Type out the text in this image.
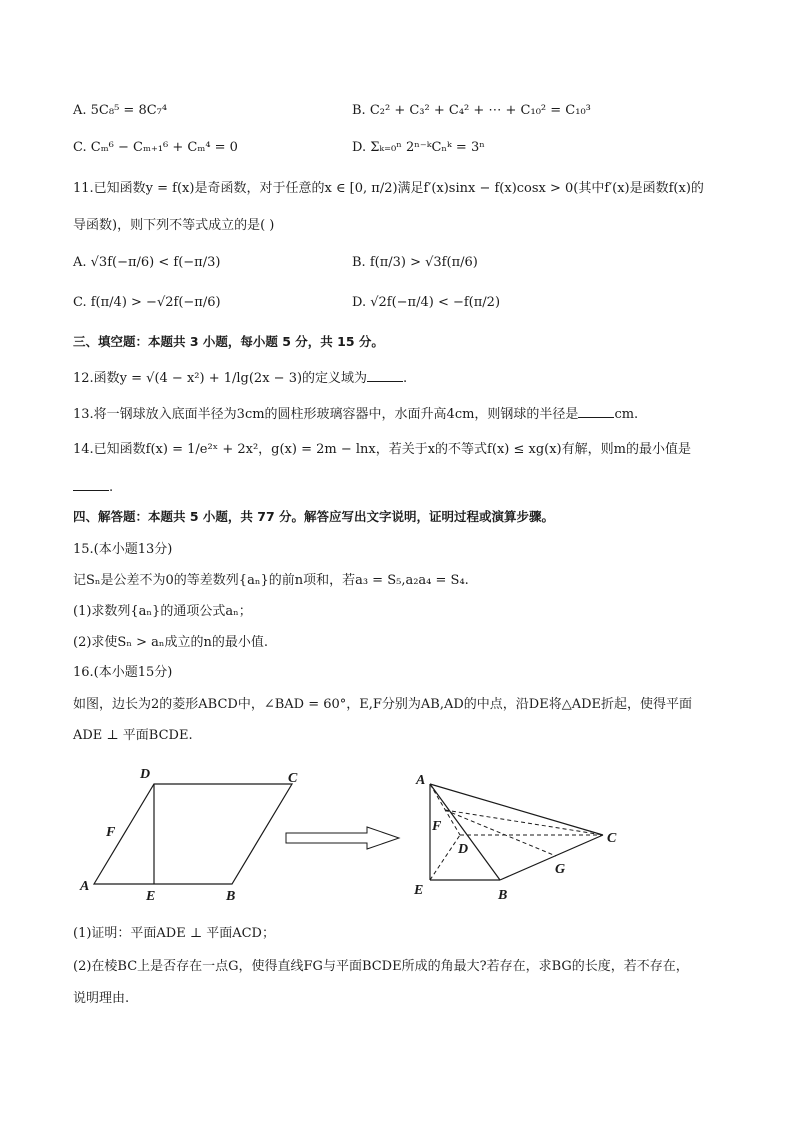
A. 5C₈⁵ = 8C₇⁴	B. C₂² + C₃² + C₄² + ⋯ + C₁₀² = C₁₀³
C. Cₘ⁶ − Cₘ₊₁⁶ + Cₘ⁴ = 0	D. Σₖ₌₀ⁿ 2ⁿ⁻ᵏCₙᵏ = 3ⁿ
11.已知函数y = f(x)是奇函数，对于任意的x ∈ [0, π/2)满足f′(x)sinx − f(x)cosx > 0(其中f′(x)是函数f(x)的
导函数)，则下列不等式成立的是( )
A. √3f(−π/6) < f(−π/3)	B. f(π/3) > √3f(π/6)
C. f(π/4) > −√2f(−π/6)	D. √2f(−π/4) < −f(π/2)
三、填空题：本题共 3 小题，每小题 5 分，共 15 分。
12.函数y = √(4 − x²) + 1/lg(2x − 3)的定义域为	.
13.将一钢球放入底面半径为3cm的圆柱形玻璃容器中，水面升高4cm，则钢球的半径是	cm.
14.已知函数f(x) = 1/e²ˣ + 2x²，g(x) = 2m − lnx，若关于x的不等式f(x) ≤ xg(x)有解，则m的最小值是
.
四、解答题：本题共 5 小题，共 77 分。解答应写出文字说明，证明过程或演算步骤。
15.(本小题13分)
记Sₙ是公差不为0的等差数列{aₙ}的前n项和，若a₃ = S₅,a₂a₄ = S₄.
(1)求数列{aₙ}的通项公式aₙ；
(2)求使Sₙ > aₙ成立的n的最小值.
16.(本小题15分)
如图，边长为2的菱形ABCD中，∠BAD = 60°，E,F分别为AB,AD的中点，沿DE将△ADE折起，使得平面
ADE ⊥ 平面BCDE.
D	C
F
A
E	B
A
F
D
C
G
E	B
(1)证明：平面ADE ⊥ 平面ACD；
(2)在棱BC上是否存在一点G，使得直线FG与平面BCDE所成的角最大?若存在，求BG的长度，若不存在，
说明理由.
